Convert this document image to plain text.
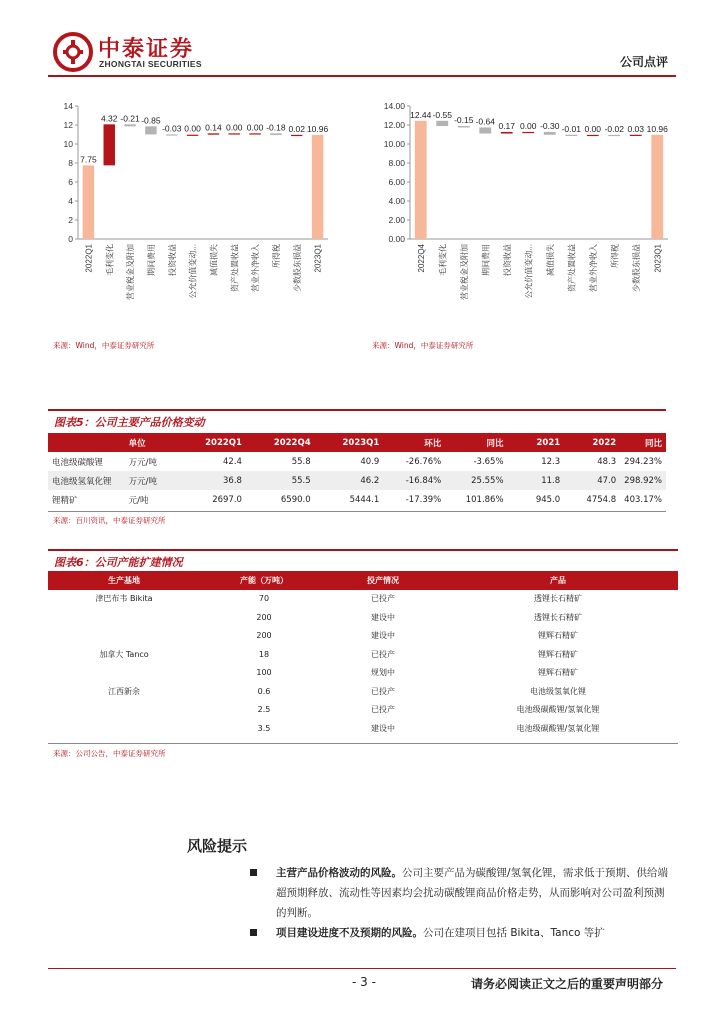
中泰证券
ZHONGTAI SECURITIES	公司点评
0
2
4
6
8
10
12
14
7.75
2022Q1
4.32
毛利变化
-0.21
营业税金及附加
-0.85
期间费用
-0.03
投资收益
0.00
公允价值变动...
0.14
减值损失
0.00
资产处置收益
0.00
营业外净收入
-0.18
所得税
0.02
少数股东损益
10.96
2023Q1
来源：Wind，中泰证券研究所
0.00
2.00
4.00
6.00
8.00
10.00
12.00
14.00
12.44
2022Q4
-0.55
毛利变化
-0.15
营业税金及附加
-0.64
期间费用
0.17
投资收益
0.00
公允价值变动...
-0.30
减值损失
-0.01
资产处置收益
0.00
营业外净收入
-0.02
所得税
0.03
少数股东损益
10.96
2023Q1
来源：Wind，中泰证券研究所
图表5：公司主要产品价格变动
	单位	2022Q1	2022Q4	2023Q1	环比	同比	2021	2022	同比
电池级碳酸锂	万元/吨	42.4	55.8	40.9	-26.76%	-3.65%	12.3	48.3	294.23%
电池级氢氧化锂	万元/吨	36.8	55.5	46.2	-16.84%	25.55%	11.8	47.0	298.92%
锂精矿	元/吨	2697.0	6590.0	5444.1	-17.39%	101.86%	945.0	4754.8	403.17%
来源：百川资讯，中泰证券研究所
图表6：公司产能扩建情况
生产基地	产能（万吨）	投产情况	产品
津巴布韦 Bikita	70	已投产	透锂长石精矿
	200	建设中	透锂长石精矿
	200	建设中	锂辉石精矿
加拿大 Tanco	18	已投产	锂辉石精矿
	100	规划中	锂辉石精矿
江西新余	0.6	已投产	电池级氢氧化锂
	2.5	已投产	电池级碳酸锂/氢氧化锂
	3.5	建设中	电池级碳酸锂/氢氧化锂
来源：公司公告，中泰证券研究所
风险提示
主营产品价格波动的风险。公司主要产品为碳酸锂/氢氧化锂，需求低于预期、供给端超预期释放、流动性等因素均会扰动碳酸锂商品价格走势，从而影响对公司盈利预测的判断。
项目建设进度不及预期的风险。公司在建项目包括 Bikita、Tanco 等扩
- 3 -	请务必阅读正文之后的重要声明部分
